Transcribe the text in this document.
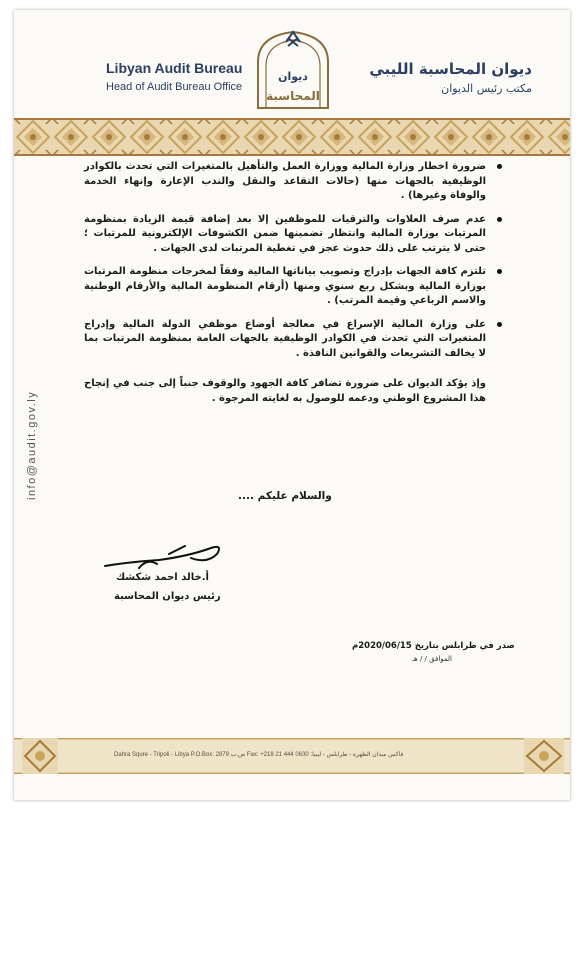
Libyan Audit Bureau
Head of Audit Bureau Office
ديوان
المحاسبة
ديوان المحاسبة الليبي
مكتب رئيس الديوان
info@audit.gov.ly
ضرورة اخطار وزارة المالية ووزارة العمل والتأهيل بالمتغيرات التي تحدث بالكوادر الوظيفية بالجهات منها (حالات التقاعد والنقل والندب الإعارة وإنهاء الخدمة والوفاة وغيرها) .
عدم صرف العلاوات والترقيات للموظفين إلا بعد إضافة قيمة الزيادة بمنظومة المرتبات بوزارة المالية وانتظار تضمينها ضمن الكشوفات الإلكترونية للمرتبات ؛ حتى لا يترتب على ذلك حدوث عجز في تغطية المرتبات لدى الجهات .
تلتزم كافة الجهات بإدراج وتصويب بياناتها المالية وفقاً لمخرجات منظومة المرتبات بوزارة المالية وبشكل ربع سنوي ومنها (أرقام المنظومة المالية والأرقام الوطنية والاسم الرباعي وقيمة المرتب) .
على وزارة المالية الإسراع في معالجة أوضاع موظفي الدولة المالية وإدراج المتغيرات التي تحدث في الكوادر الوظيفية بالجهات العامة بمنظومة المرتبات بما لا يخالف التشريعات والقوانين النافذة .

وإذ يؤكد الديوان على ضرورة تضافر كافة الجهود والوقوف جنباً إلى جنب في إنجاح هذا المشروع الوطني ودعمه للوصول به لغايته المرجوة .

والسلام عليكم ....
أ.خالد احمد شكشك
رئيس ديوان المحاسبة
صدر في طرابلس بتاريخ 2020/06/15م
الموافق / / هـ
Dahra Squre - Tripoli - Libya P.O.Box: 2879 ص.ب Fax: +218 21 444 0630 :فاكس ميدان الظهرة - طرابلس - ليبيا
